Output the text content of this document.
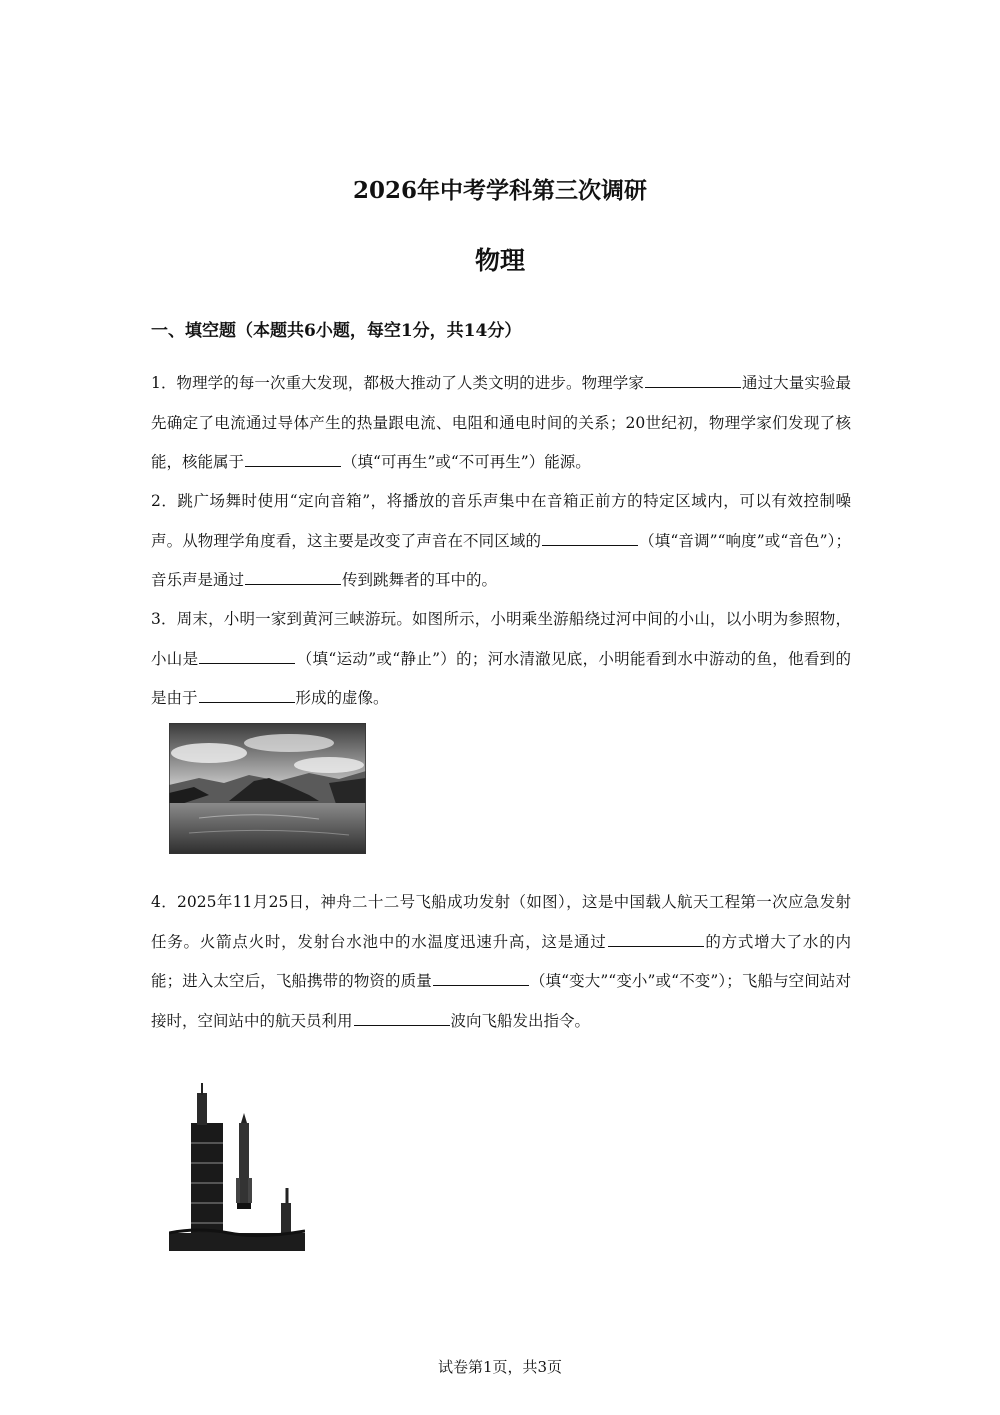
2026年中考学科第三次调研
物理
一、填空题（本题共6小题，每空1分，共14分）
1．物理学的每一次重大发现，都极大推动了人类文明的进步。物理学家	通过大量实验最先确定了电流通过导体产生的热量跟电流、电阻和通电时间的关系；20世纪初，物理学家们发现了核能，核能属于	（填“可再生”或“不可再生”）能源。
2．跳广场舞时使用“定向音箱”，将播放的音乐声集中在音箱正前方的特定区域内，可以有效控制噪声。从物理学角度看，这主要是改变了声音在不同区域的	（填“音调”“响度”或“音色”）；音乐声是通过	传到跳舞者的耳中的。
3．周末，小明一家到黄河三峡游玩。如图所示，小明乘坐游船绕过河中间的小山，以小明为参照物，小山是	（填“运动”或“静止”）的；河水清澈见底，小明能看到水中游动的鱼，他看到的是由于	形成的虚像。
4．2025年11月25日，神舟二十二号飞船成功发射（如图），这是中国载人航天工程第一次应急发射任务。火箭点火时，发射台水池中的水温度迅速升高，这是通过	的方式增大了水的内能；进入太空后，飞船携带的物资的质量	（填“变大”“变小”或“不变”）；飞船与空间站对接时，空间站中的航天员利用	波向飞船发出指令。
试卷第1页，共3页
